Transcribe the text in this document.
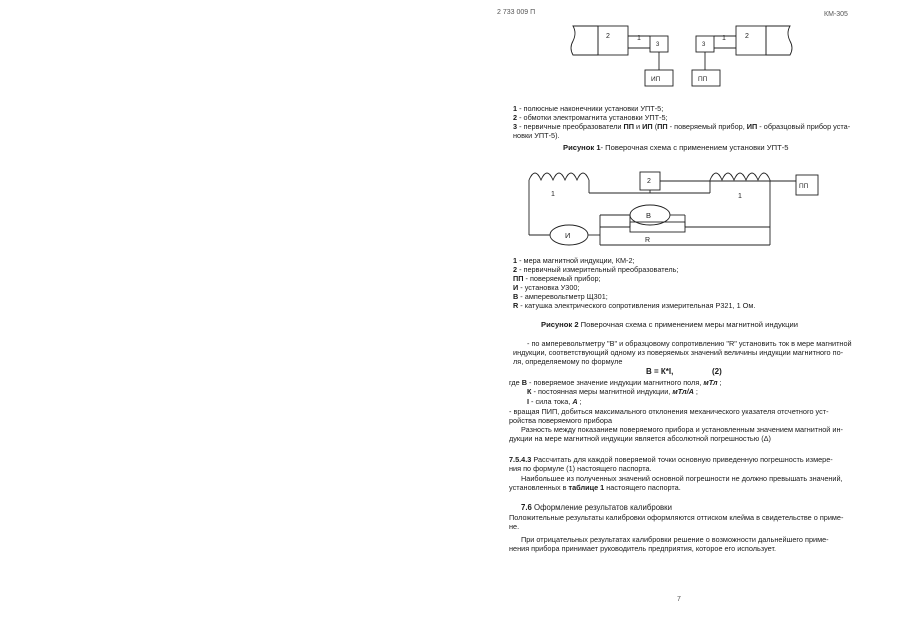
2 733 009 П	КМ-305
2	1
3	3
1	2
ИП	ПП
2
ПП
1	1
В
И
R
1 - полюсные наконечники установки УПТ-5;
2 - обмотки электромагнита установки УПТ-5;
3 - первичные преобразователи ПП и ИП (ПП - поверяемый прибор, ИП - образцовый прибор уста-
новки УПТ-5).
Рисунок 1- Поверочная схема с применением установки УПТ-5
1 - мера магнитной индукции, КМ-2;
2 - первичный измерительный преобразователь;
ПП - поверяемый прибор;
И - установка У300;
В - амперевольтметр Щ301;
R - катушка электрического сопротивления измерительная Р321, 1 Ом.
Рисунок 2 Поверочная схема с применением меры магнитной индукции
- по амперевольтметру "В" и образцовому сопротивлению "R" установить ток в мере магнитной
индукции, соответствующий одному из поверяемых значений величины индукции магнитного по-
ля, определяемому по формуле
В = К*I,	(2)
где В - поверяемое значение индукции магнитного поля, мТл ;
К - постоянная меры магнитной индукции, мТл/А ;
I - сила тока, А ;
- вращая ПИП, добиться максимального отклонения механического указателя отсчетного уст-
ройства поверяемого прибора
Разность между показанием поверяемого прибора и установленным значением магнитной ин-
дукции на мере магнитной индукции является абсолютной погрешностью (Δ)
7.5.4.3 Рассчитать для каждой поверяемой точки основную приведенную погрешность измере-
ния по формуле (1) настоящего паспорта.
Наибольшее из полученных значений основной погрешности не должно превышать значений,
установленных в таблице 1 настоящего паспорта.
7.6 Оформление результатов калибровки
Положительные результаты калибровки оформляются оттиском клейма в свидетельстве о приме-
не.
При отрицательных результатах калибровки решение о возможности дальнейшего приме-
нения прибора принимает руководитель предприятия, которое его использует.
7
